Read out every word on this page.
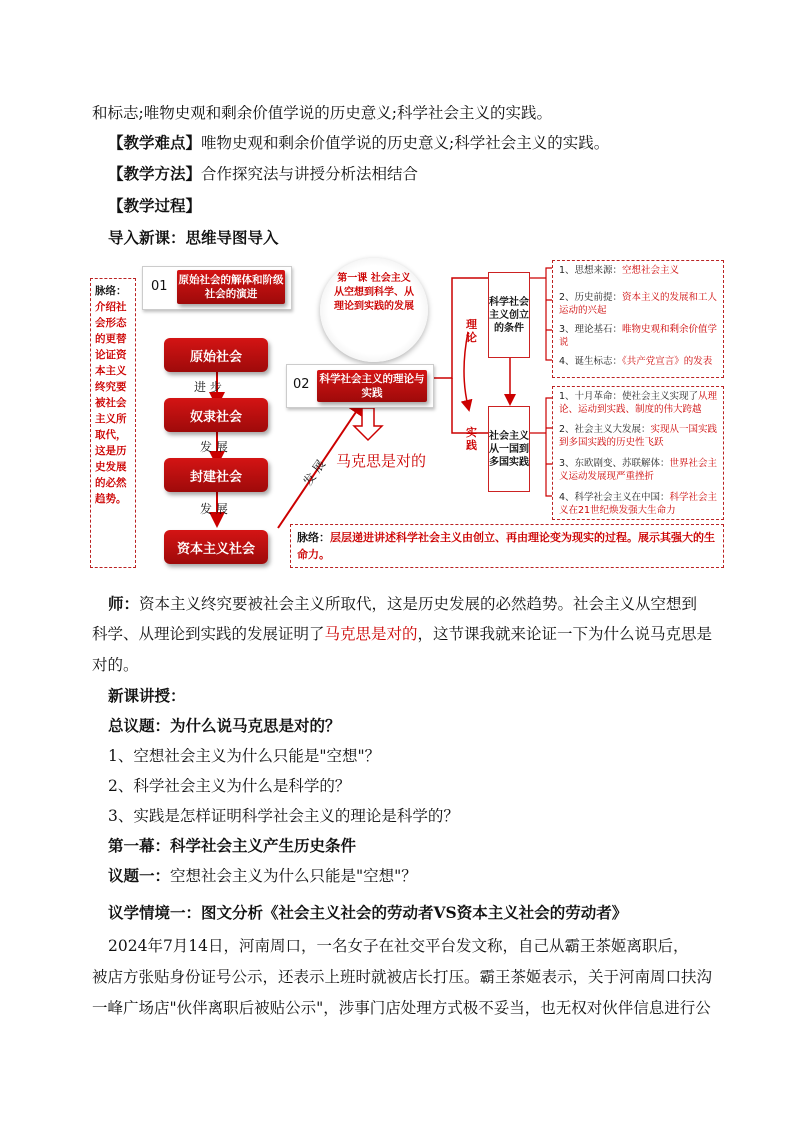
和标志;唯物史观和剩余价值学说的历史意义;科学社会主义的实践。
【教学难点】唯物史观和剩余价值学说的历史意义;科学社会主义的实践。
【教学方法】合作探究法与讲授分析法相结合
【教学过程】
导入新课：思维导图导入
脉络：
介绍社
会形态
的更替
论证资
本主义
终究要
被社会
主义所
取代，
这是历
史发展
的必然
趋势。
01 原始社会的解体和阶级社会的演进
第一课 社会主义从空想到科学、从理论到实践的发展
02 科学社会主义的理论与实践
原始社会
进 步
奴隶社会
发 展
封建社会
发 展
资本主义社会
发 展 马克思是对的
理论
实践
科学社会主义创立的条件
社会主义从一国到多国实践
1、思想来源：空想社会主义
2、历史前提：资本主义的发展和工人运动的兴起
3、理论基石：唯物史观和剩余价值学说
4、诞生标志：《共产党宣言》的发表
1、十月革命：使社会主义实现了从理论、运动到实践、制度的伟大跨越
2、社会主义大发展：实现从一国实践到多国实践的历史性飞跃
3、东欧剧变、苏联解体：世界社会主义运动发展现严重挫折
4、科学社会主义在中国：科学社会主义在21世纪焕发强大生命力
脉络：层层递进讲述科学社会主义由创立、再由理论变为现实的过程。展示其强大的生命力。
师：资本主义终究要被社会主义所取代，这是历史发展的必然趋势。社会主义从空想到
科学、从理论到实践的发展证明了马克思是对的，这节课我就来论证一下为什么说马克思是
对的。
新课讲授：
总议题：为什么说马克思是对的？
1、空想社会主义为什么只能是"空想"？
2、科学社会主义为什么是科学的？
3、实践是怎样证明科学社会主义的理论是科学的？
第一幕：科学社会主义产生历史条件
议题一：空想社会主义为什么只能是"空想"？
议学情境一：图文分析《社会主义社会的劳动者VS资本主义社会的劳动者》
2024年7月14日，河南周口，一名女子在社交平台发文称，自己从霸王茶姬离职后，
被店方张贴身份证号公示，还表示上班时就被店长打压。霸王茶姬表示，关于河南周口扶沟
一峰广场店"伙伴离职后被贴公示"，涉事门店处理方式极不妥当，也无权对伙伴信息进行公
